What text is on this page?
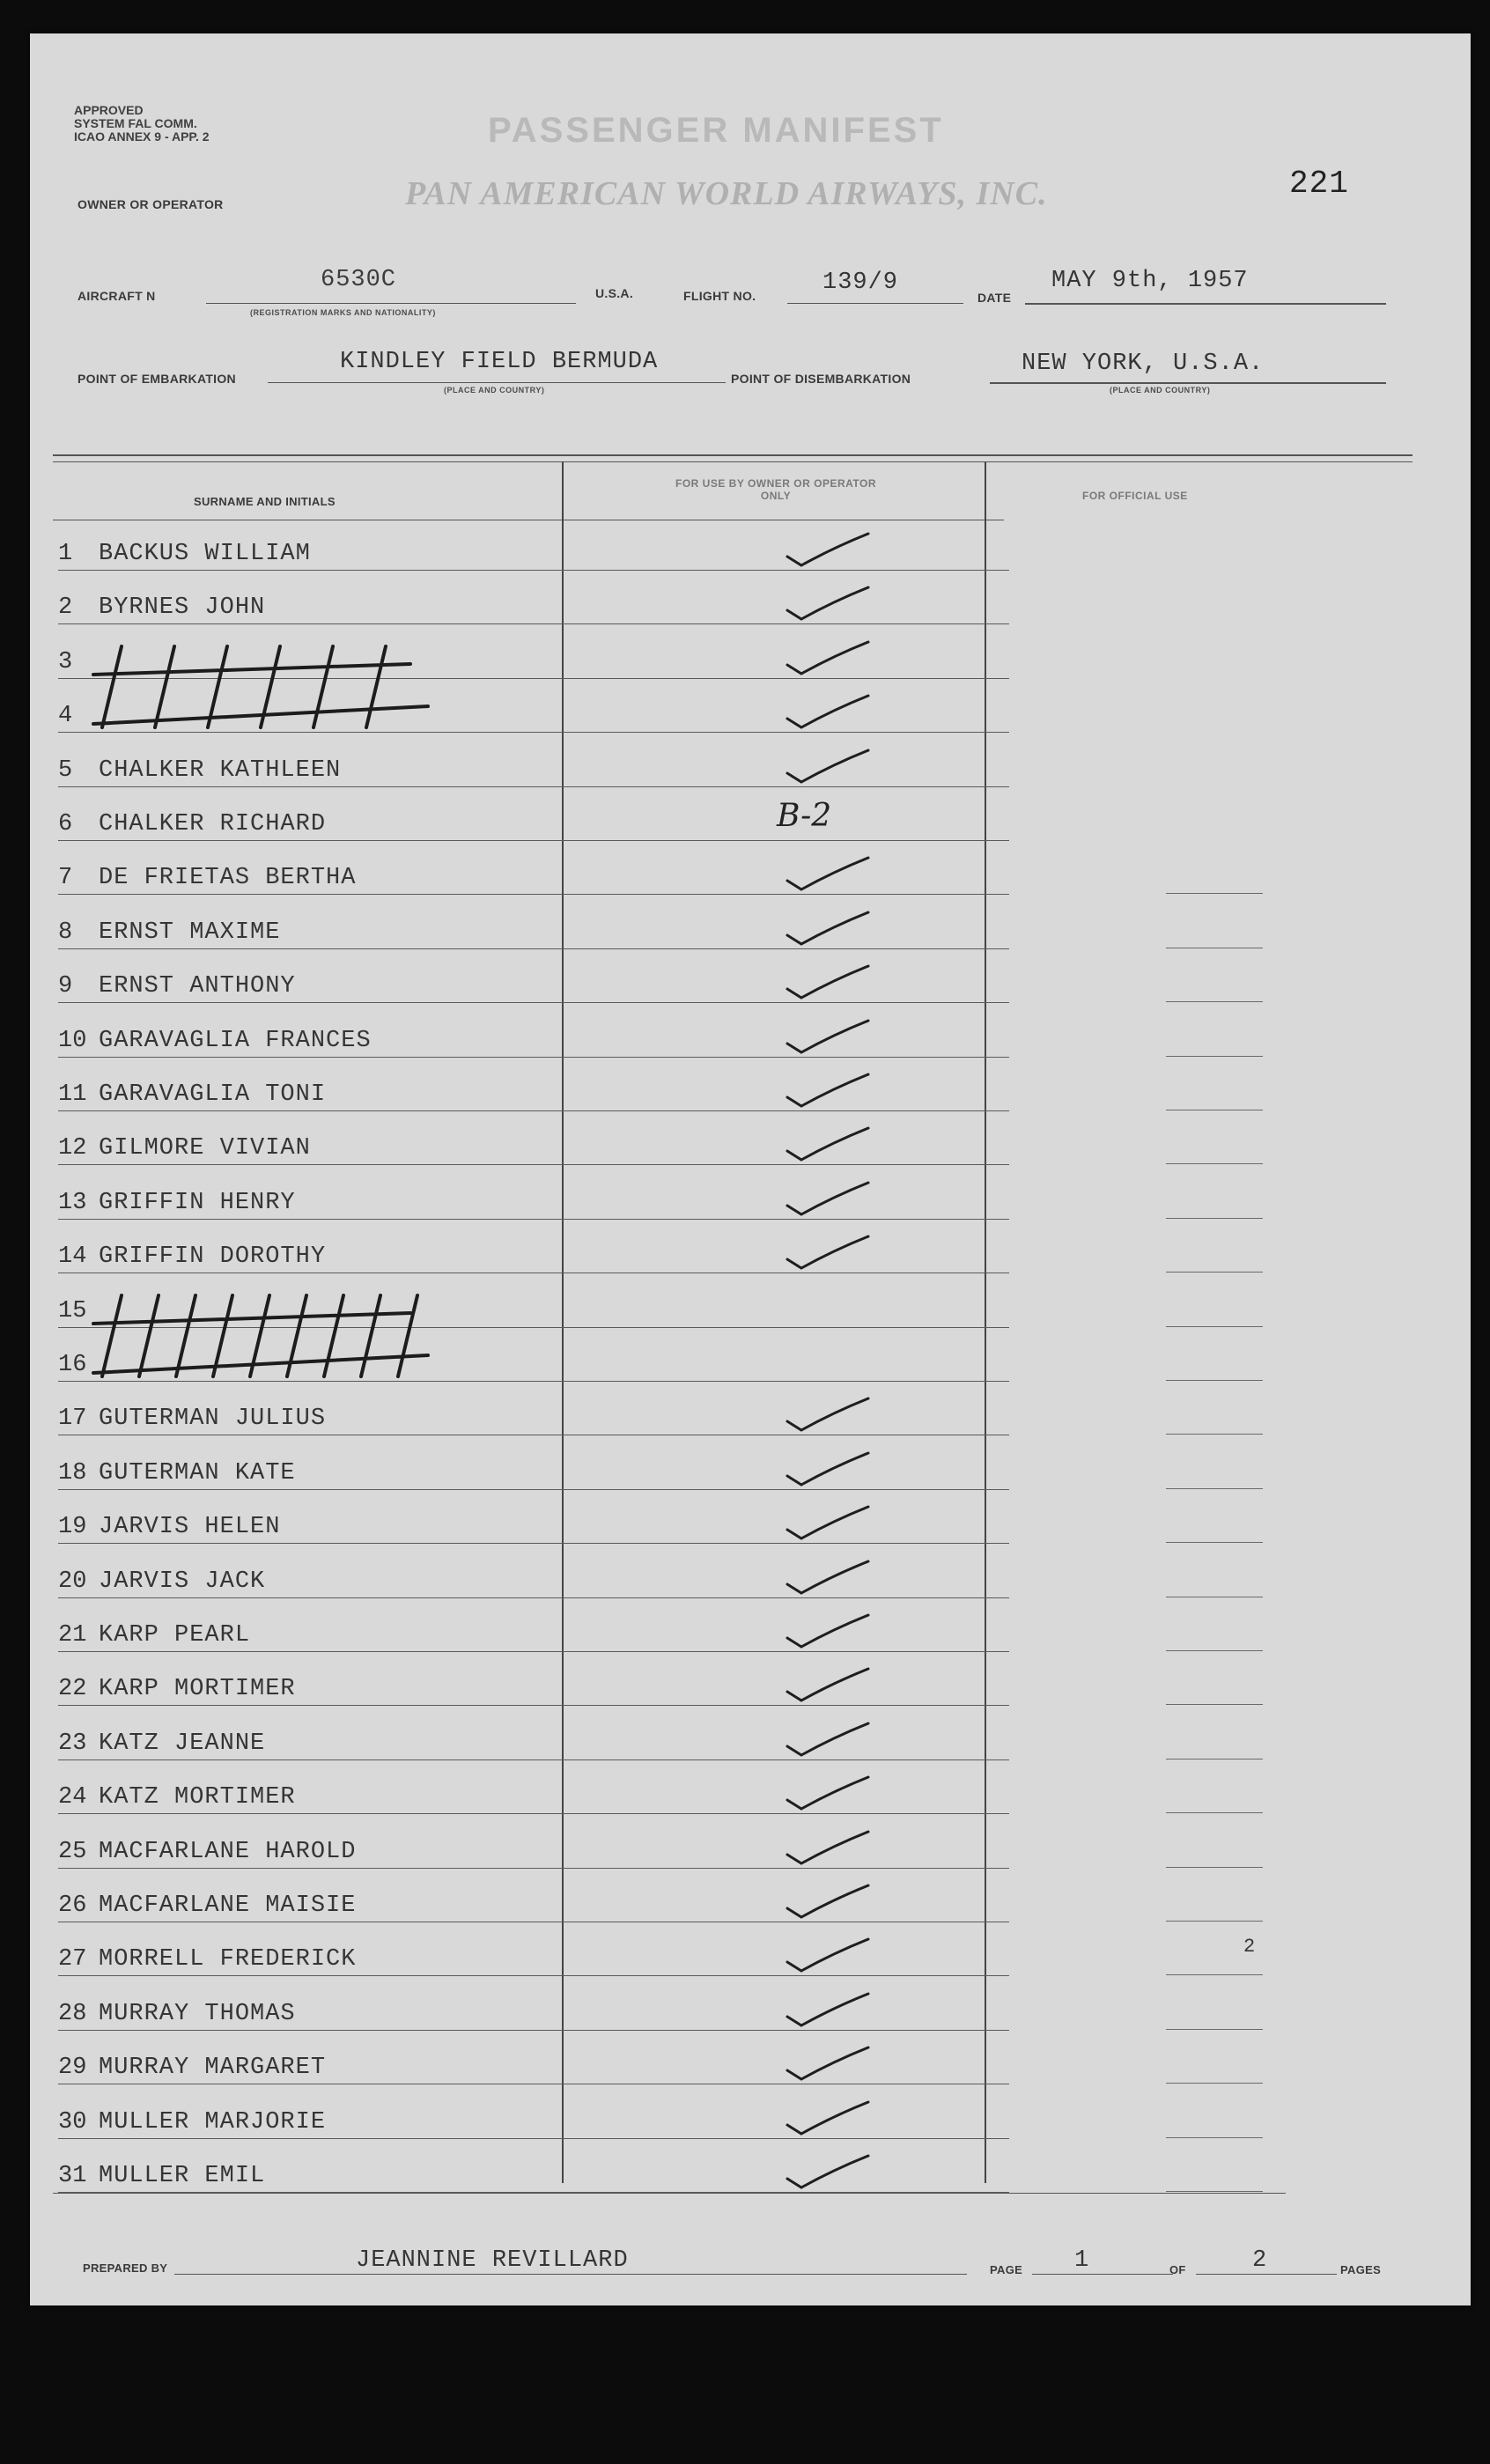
APPROVED
SYSTEM FAL COMM.
ICAO ANNEX 9 - APP. 2	PASSENGER MANIFEST
OWNER OR OPERATOR	PAN AMERICAN WORLD AIRWAYS, INC.	221
AIRCRAFT N
6530C
(REGISTRATION MARKS AND NATIONALITY)
U.S.A.	FLIGHT NO.	139/9
DATE
MAY 9th, 1957
POINT OF EMBARKATION
KINDLEY FIELD BERMUDA
(PLACE AND COUNTRY)
POINT OF DISEMBARKATION
NEW YORK, U.S.A.
(PLACE AND COUNTRY)
SURNAME AND INITIALS
FOR USE BY OWNER OR OPERATOR ONLY	FOR OFFICIAL USE
1 BACKUS WILLIAM
2 BYRNES JOHN
3
4
5 CHALKER KATHLEEN
6 CHALKER RICHARD	B-2
7 DE FRIETAS BERTHA
8 ERNST MAXIME
9 ERNST ANTHONY
10 GARAVAGLIA FRANCES
11 GARAVAGLIA TONI
12 GILMORE VIVIAN
13 GRIFFIN HENRY
14 GRIFFIN DOROTHY
15
16
17 GUTERMAN JULIUS
18 GUTERMAN KATE
19 JARVIS HELEN
20 JARVIS JACK
21 KARP PEARL
22 KARP MORTIMER
23 KATZ JEANNE
24 KATZ MORTIMER
25 MACFARLANE HAROLD
26 MACFARLANE MAISIE
27 MORRELL FREDERICK
28 MURRAY THOMAS
29 MURRAY MARGARET
30 MULLER MARJORIE
31 MULLER EMIL
2
PREPARED BY	JEANNINE REVILLARD	PAGE 1	OF	2	PAGES
